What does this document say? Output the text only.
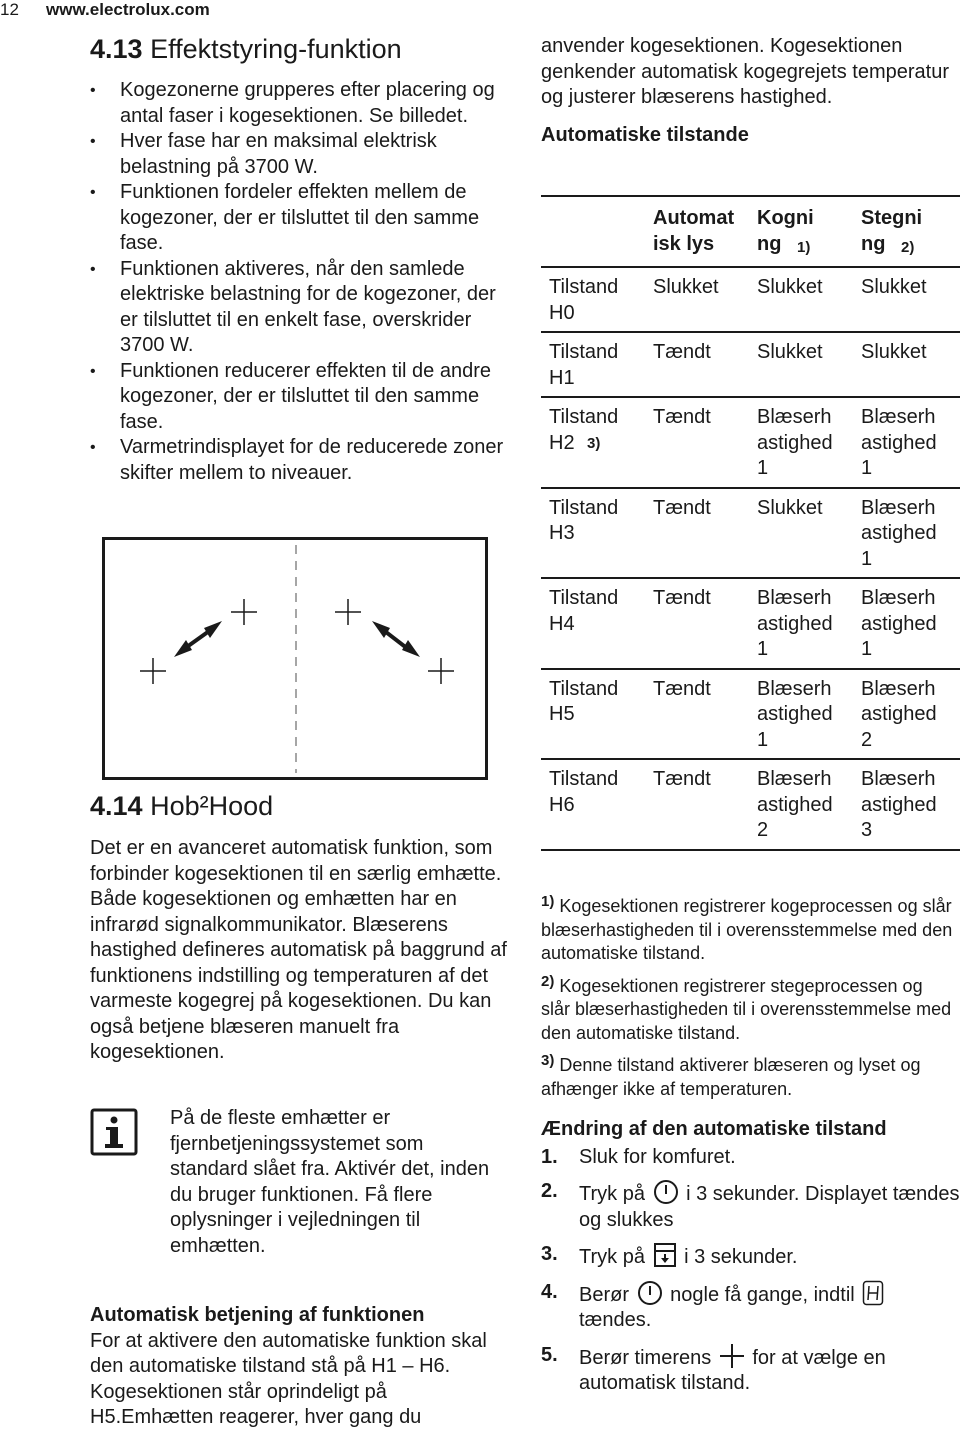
12 www.electrolux.com
4.13 Effektstyring-funktion
• Kogezonerne grupperes efter placering og antal faser i kogesektionen. Se billedet.
• Hver fase har en maksimal elektrisk belastning på 3700 W.
• Funktionen fordeler effekten mellem de kogezoner, der er tilsluttet til den samme fase.
• Funktionen aktiveres, når den samlede elektriske belastning for de kogezoner, der er tilsluttet til en enkelt fase, overskrider 3700 W.
• Funktionen reducerer effekten til de andre kogezoner, der er tilsluttet til den samme fase.
• Varmetrindisplayet for de reducerede zoner skifter mellem to niveauer.
4.14 Hob²Hood

Det er en avanceret automatisk funktion, som forbinder kogesektionen til en særlig emhætte. Både kogesektionen og emhætten har en infrarød signalkommunikator. Blæserens hastighed defineres automatisk på baggrund af funktionens indstilling og temperaturen af det varmeste kogegrej på kogesektionen. Du kan også betjene blæseren manuelt fra kogesektionen.

På de fleste emhætter er fjernbetjeningssystemet som standard slået fra. Aktivér det, inden du bruger funktionen. Få flere oplysninger i vejledningen til emhætten.

Automatisk betjening af funktionen

For at aktivere den automatiske funktion skal den automatiske tilstand stå på H1 – H6. Kogesektionen står oprindeligt på H5.Emhætten reagerer, hver gang du

anvender kogesektionen. Kogesektionen genkender automatisk kogegrejets temperatur og justerer blæserens hastighed.

Automatiske tilstande

	Automatisk lys	Kogning 1)	Stegning 2)

Tilstand H0	Slukket	Slukket	Slukket

Tilstand H1	Tændt	Slukket	Slukket
Tilstand H2 3)	Tændt	Blæserhastighed 1	Blæserhastighed 1

Tilstand H3	Tændt	Slukket	Blæserhastighed 1

Tilstand H4	Tændt	Blæserhastighed 1	Blæserhastighed 1

Tilstand H5	Tændt	Blæserhastighed 1	Blæserhastighed 2

Tilstand H6	Tændt	Blæserhastighed 2	Blæserhastighed 3

$^{1)}$ Kogesektionen registrerer kogeprocessen og slår blæserhastigheden til i overensstemmelse med den automatiske tilstand.

$^{2)}$ Kogesektionen registrerer stegeprocessen og slår blæserhastigheden til i overensstemmelse med den automatiske tilstand.

$^{3)}$ Denne tilstand aktiverer blæseren og lyset og afhænger ikke af temperaturen.

Ændring af den automatiske tilstand

1. Sluk for komfuret.
2. Tryk på i 3 sekunder. Displayet tændes og slukkes
3. Tryk på i 3 sekunder.
4. Berør nogle få gange, indtil  tændes.
5. Berør timerens for at vælge en automatisk tilstand.
